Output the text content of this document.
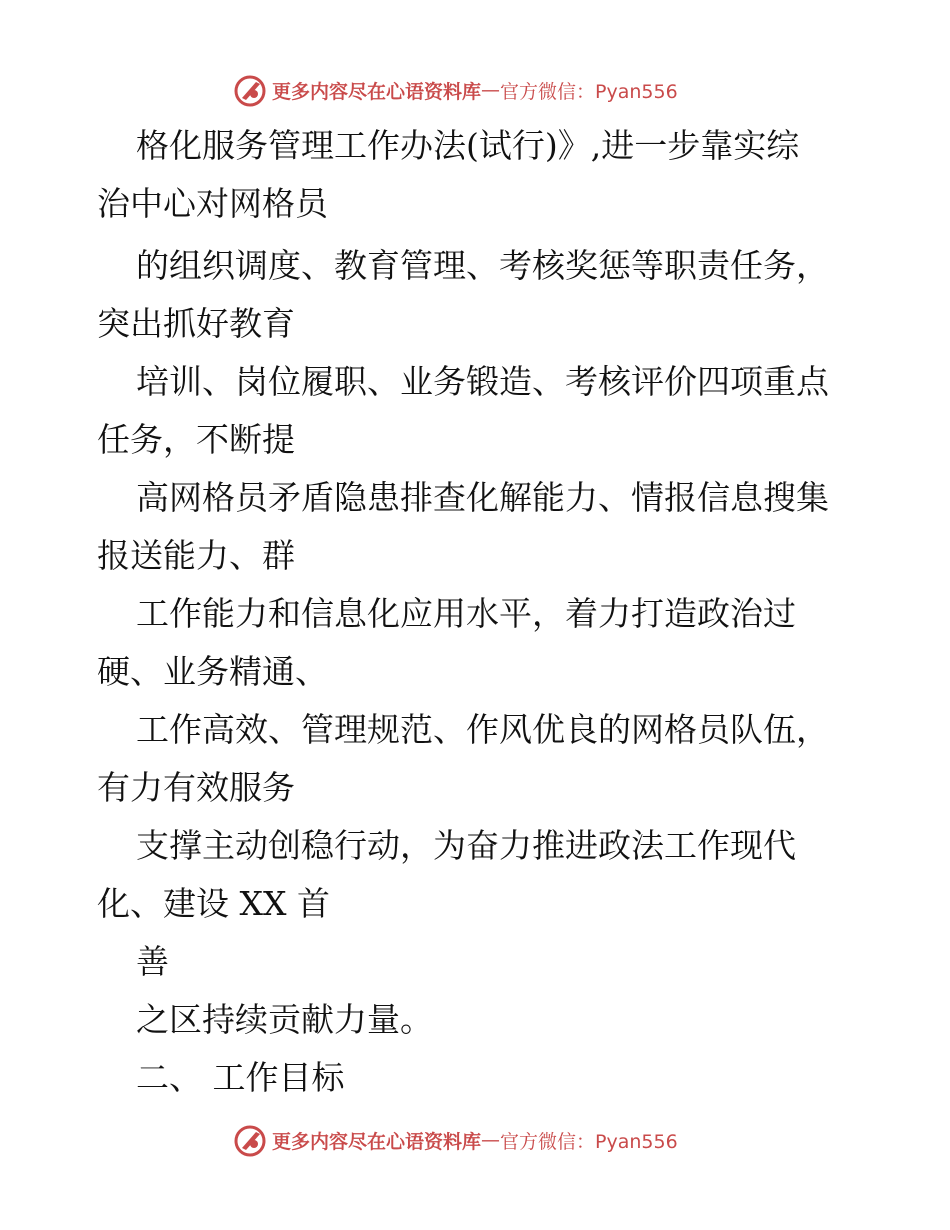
更多内容尽在心语资料库 — 官方微信：Pyan556
格化服务管理工作办法(试行)》,进一步靠实综
治中心对网格员
的组织调度、教育管理、考核奖惩等职责任务，
突出抓好教育
培训、岗位履职、业务锻造、考核评价四项重点
任务，不断提
高网格员矛盾隐患排查化解能力、情报信息搜集
报送能力、群
工作能力和信息化应用水平，着力打造政治过
硬、业务精通、
工作高效、管理规范、作风优良的网格员队伍，
有力有效服务
支撑主动创稳行动，为奋力推进政法工作现代
化、建设 XX 首
善
之区持续贡献力量。
二、 工作目标
更多内容尽在心语资料库 — 官方微信：Pyan556
